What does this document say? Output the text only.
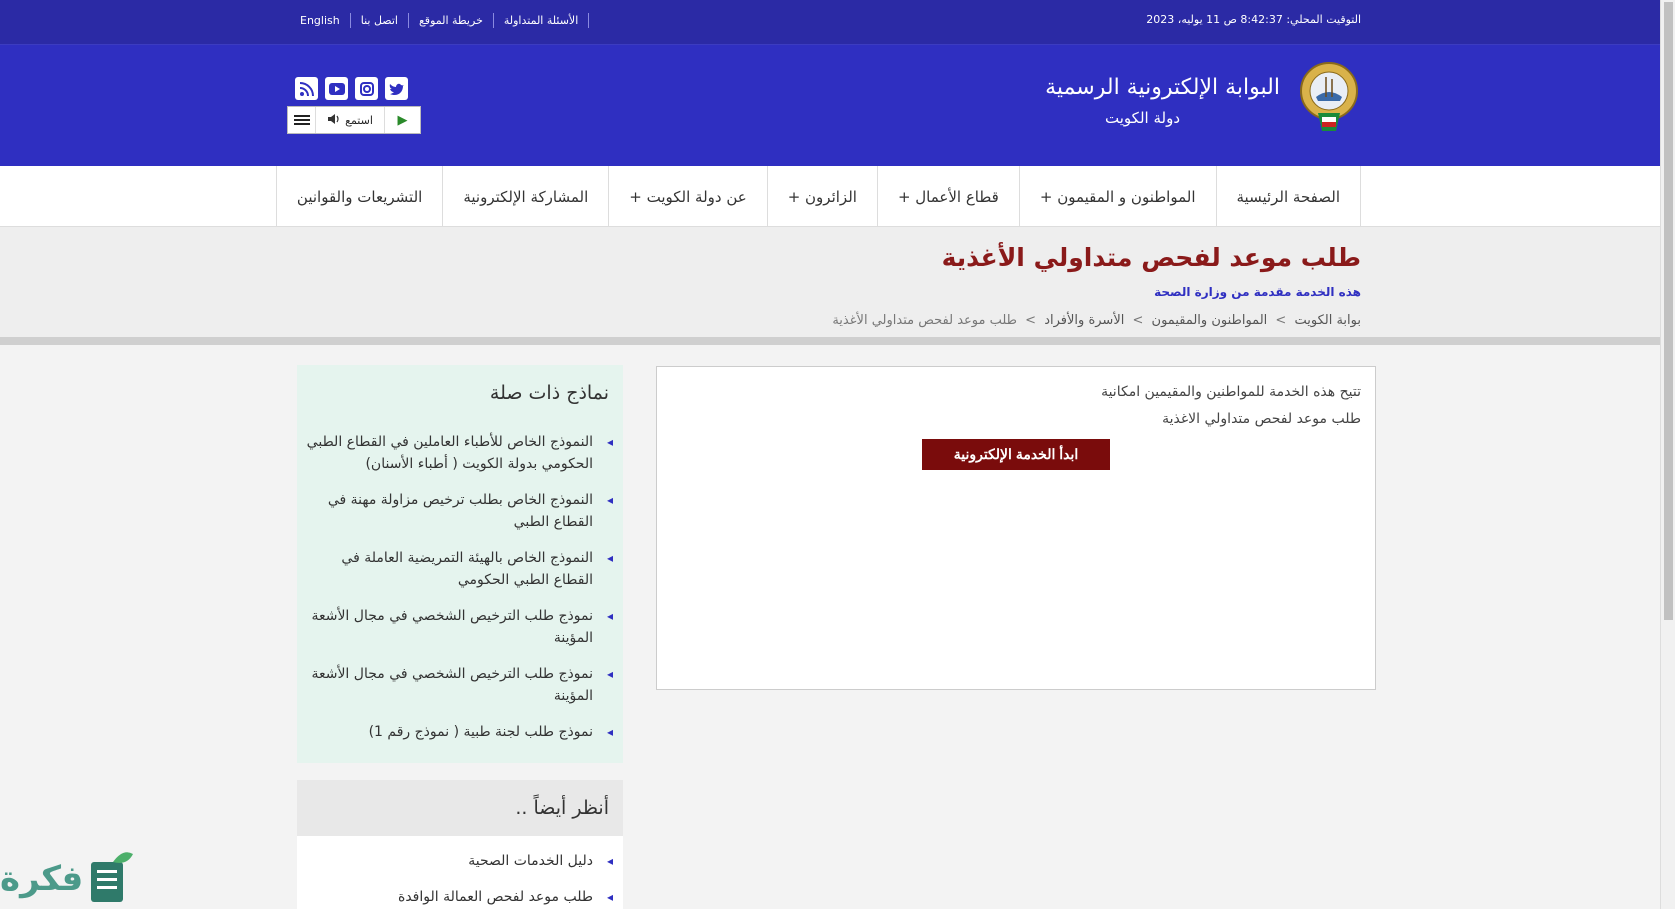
English	اتصل بنا	خريطة الموقع	الأسئلة المتداولة	التوقيت المحلي: 8:42:37 ص 11 يوليه، 2023
البوابة الإلكترونية الرسمية
دولة الكويت
استمع	▶
الصفحة الرئيسية
المواطنون و المقيمون +
قطاع الأعمال +
الزائرون +
عن دولة الكويت +
المشاركة الإلكترونية
التشريعات والقوانين
طلب موعد لفحص متداولي الأغذية
هذه الخدمة مقدمة من وزارة الصحة
بوابة الكويت > المواطنون والمقيمون > الأسرة والأفراد > طلب موعد لفحص متداولي الأغذية
تتيح هذه الخدمة للمواطنين والمقيمين امكانية
طلب موعد لفحص متداولي الاغذية
ابدأ الخدمة الإلكترونية
نماذج ذات صلة
◂ النموذج الخاص للأطباء العاملين في القطاع الطبي الحكومي بدولة الكويت ( أطباء الأسنان)
◂ النموذج الخاص بطلب ترخيص مزاولة مهنة في القطاع الطبي
◂ النموذج الخاص بالهيئة التمريضية العاملة في القطاع الطبي الحكومي
◂ نموذج طلب الترخيص الشخصي في مجال الأشعة المؤينة
◂ نموذج طلب الترخيص الشخصي في مجال الأشعة المؤينة
◂ نموذج طلب لجنة طبية ( نموذج رقم 1)
أنظر أيضاً ..
◂ دليل الخدمات الصحية
◂ طلب موعد لفحص العمالة الوافدة
فكرة
